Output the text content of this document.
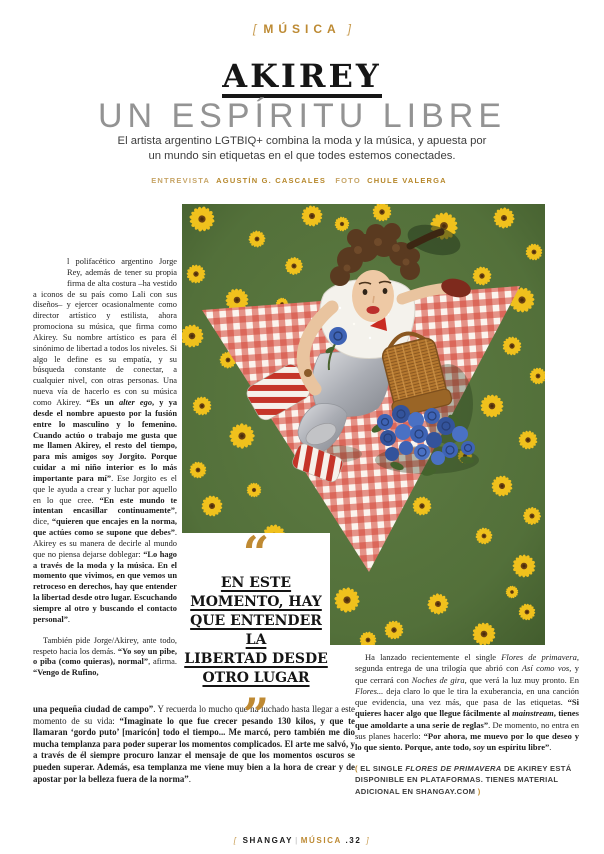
[ MÚSICA ]
AKIREY
UN ESPÍRITU LIBRE
El artista argentino LGTBIQ+ combina la moda y la música, y apuesta por un mundo sin etiquetas en el que todes estemos conectades.
ENTREVISTA AGUSTÍN G. CASCALES FOTO CHULE VALERGA
“
EN ESTE
MOMENTO, HAY
QUE ENTENDER LA
LIBERTAD DESDE
OTRO LUGAR
”

l polifacético argentino Jorge Rey, además de tener su propia firma de alta costura –ha vestido a iconos de su país como Lali con sus diseños– y ejercer ocasionalmente como director artístico y estilista, ahora promociona su música, que firma como Akirey. Su nombre artístico es para él sinónimo de libertad a todos los niveles. Si algo le define es su empatía, y su búsqueda constante de conectar, a cualquier nivel, con otras personas. Una nueva vía de hacerlo es con su música como Akirey. “Es un alter ego, y ya desde el nombre apuesto por la fusión entre lo masculino y lo femenino. Cuando actúo o trabajo me gusta que me llamen Akirey, el resto del tiempo, para mis amigos soy Jorgito. Porque cuidar a mi niño interior es lo más importante para mí”. Ese Jorgito es el que le ayuda a crear y luchar por aquello en lo que cree. “En este mundo te intentan encasillar continuamente”, dice, “quieren que encajes en la norma, que actúes como se supone que debes”. Akirey es su manera de decirle al mundo que no piensa dejarse doblegar: “Lo hago a través de la moda y la música. En el momento que vivimos, en que vemos un retroceso en derechos, hay que entender la libertad desde otro lugar. Escuchando siempre al otro y buscando el contacto personal”.

También pide Jorge/Akirey, ante todo, respeto hacia los demás. “Yo soy un pibe, o piba (como quieras), normal”, afirma. “Vengo de Rufino,

una pequeña ciudad de campo”. Y recuerda lo mucho que ha luchado hasta llegar a este momento de su vida: “Imaginate lo que fue crecer pesando 130 kilos, y que te llamaran ‘gordo puto’ [maricón] todo el tiempo... Me marcó, pero también me dio mucha templanza para poder superar los momentos complicados. El arte me salvó, y a través de él siempre procuro lanzar el mensaje de que los momentos oscuros se pueden superar. Además, esa templanza me viene muy bien a la hora de crear y de apostar por la belleza fuera de la norma”.

Ha lanzado recientemente el single Flores de primavera, segunda entrega de una trilogía que abrió con Así como vos, y que cerrará con Noches de gira, que verá la luz muy pronto. En Flores... deja claro lo que le tira la exuberancia, en una canción que evidencia, una vez más, que pasa de las etiquetas. “Si quieres hacer algo que llegue fácilmente al mainstream, tienes que amoldarte a una serie de reglas”. De momento, no entra en sus planes hacerlo: “Por ahora, me muevo por lo que deseo y lo que siento. Porque, ante todo, soy un espíritu libre”.

( EL SINGLE FLORES DE PRIMAVERA DE AKIREY ESTÁ DISPONIBLE EN PLATAFORMAS. TIENES MATERIAL ADICIONAL EN SHANGAY.COM )
[ SHANGAY | MÚSICA .32 ]
